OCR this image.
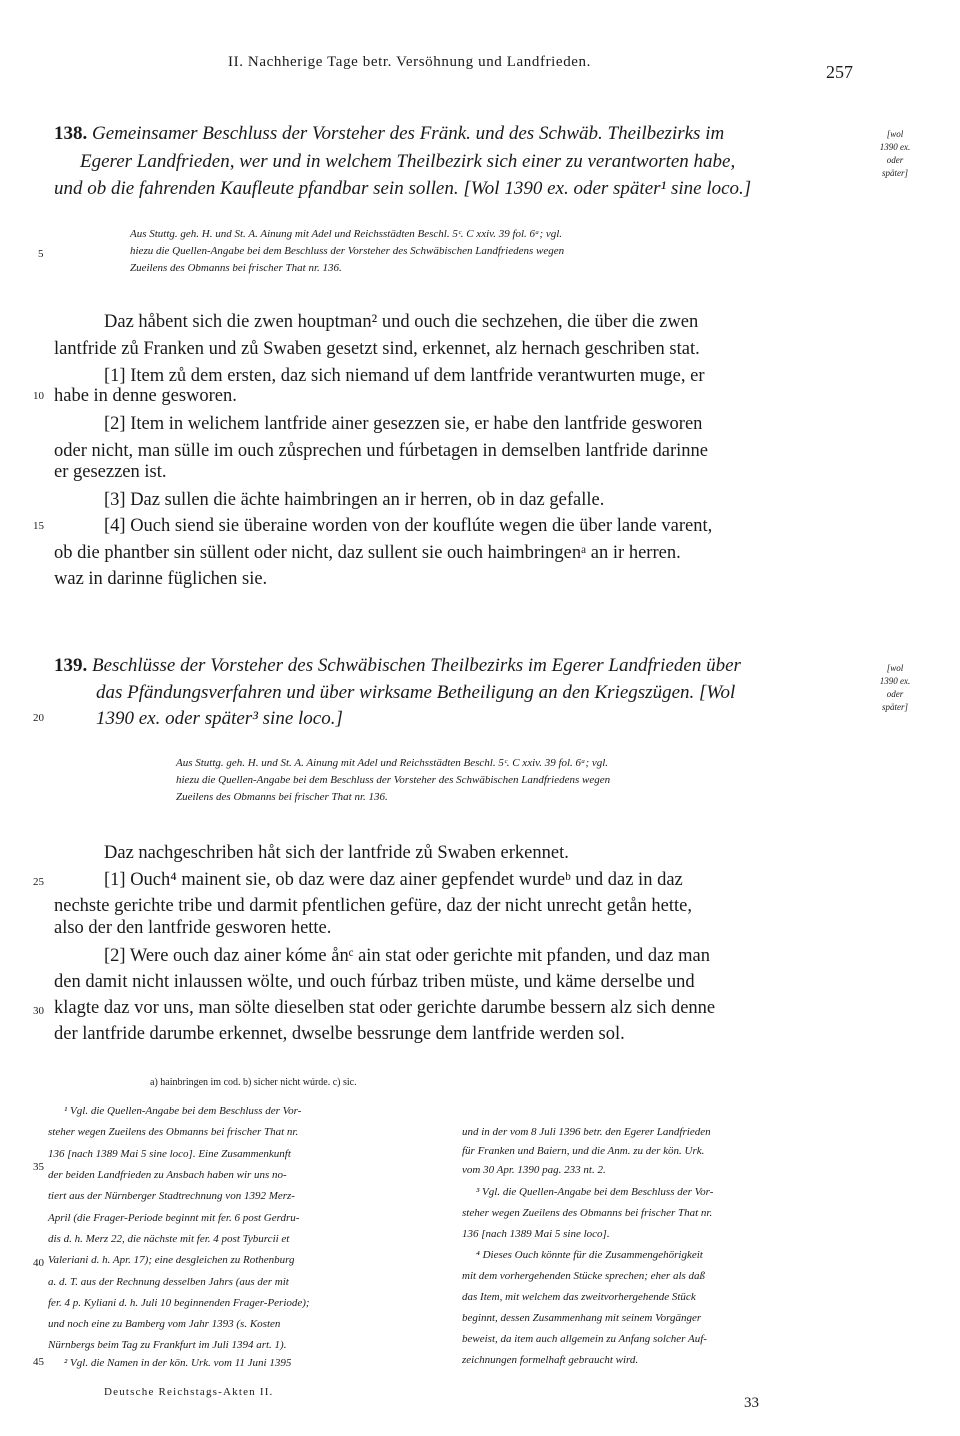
II. Nachherige Tage betr. Versöhnung und Landfrieden.	257
5
10
15
20
25
30
35
40
45
138. Gemeinsamer Beschluss der Vorsteher des Fränk. und des Schwäb. Theilbezirks im
Egerer Landfrieden, wer und in welchem Theilbezirk sich einer zu verantworten habe,
und ob die fahrenden Kaufleute pfandbar sein sollen. [Wol 1390 ex. oder später¹ sine loco.]
[wol
1390 ex.
oder
später]
Aus Stuttg. geh. H. und St. A. Ainung mit Adel und Reichsstädten Beschl. 5ᶜ. C xxiv. 39 fol. 6ᵃ; vgl.
hiezu die Quellen-Angabe bei dem Beschluss der Vorsteher des Schwäbischen Landfriedens wegen
Zueilens des Obmanns bei frischer That nr. 136.
Daz håbent sich die zwen houptman² und ouch die sechzehen, die über die zwen
lantfride zů Franken und zů Swaben gesetzt sind, erkennet, alz hernach geschriben stat.
[1] Item zů dem ersten, daz sich niemand uf dem lantfride verantwurten muge, er
habe in denne gesworen.
[2] Item in welichem lantfride ainer gesezzen sie, er habe den lantfride gesworen
oder nicht, man sülle im ouch zůsprechen und fúrbetagen in demselben lantfride darinne
er gesezzen ist.
[3] Daz sullen die ächte haimbringen an ir herren, ob in daz gefalle.
[4] Ouch siend sie überaine worden von der kouflúte wegen die über lande varent,
ob die phantber sin süllent oder nicht, daz sullent sie ouch haimbringenᵃ an ir herren.
waz in darinne füglichen sie.
139. Beschlüsse der Vorsteher des Schwäbischen Theilbezirks im Egerer Landfrieden über
das Pfändungsverfahren und über wirksame Betheiligung an den Kriegszügen. [Wol
1390 ex. oder später³ sine loco.]
[wol
1390 ex.
oder
später]
Aus Stuttg. geh. H. und St. A. Ainung mit Adel und Reichsstädten Beschl. 5ᶜ. C xxiv. 39 fol. 6ᵃ; vgl.
hiezu die Quellen-Angabe bei dem Beschluss der Vorsteher des Schwäbischen Landfriedens wegen
Zueilens des Obmanns bei frischer That nr. 136.
Daz nachgeschriben håt sich der lantfride zů Swaben erkennet.
[1] Ouch⁴ mainent sie, ob daz were daz ainer gepfendet wurdeᵇ und daz in daz
nechste gerichte tribe und darmit pfentlichen gefüre, daz der nicht unrecht getån hette,
also der den lantfride gesworen hette.
[2] Were ouch daz ainer kóme ånᶜ ain stat oder gerichte mit pfanden, und daz man
den damit nicht inlaussen wölte, und ouch fúrbaz triben müste, und käme derselbe und
klagte daz vor uns, man sölte dieselben stat oder gerichte darumbe bessern alz sich denne
der lantfride darumbe erkennet, dwselbe bessrunge dem lantfride werden sol.
a) hainbringen im cod. b) sicher nicht wúrde. c) sic.
¹ Vgl. die Quellen-Angabe bei dem Beschluss der Vor-
steher wegen Zueilens des Obmanns bei frischer That nr.
136 [nach 1389 Mai 5 sine loco]. Eine Zusammenkunft
der beiden Landfrieden zu Ansbach haben wir uns no-
tiert aus der Nürnberger Stadtrechnung von 1392 Merz-
April (die Frager-Periode beginnt mit fer. 6 post Gerdru-
dis d. h. Merz 22, die nächste mit fer. 4 post Tyburcii et
Valeriani d. h. Apr. 17); eine desgleichen zu Rothenburg
a. d. T. aus der Rechnung desselben Jahrs (aus der mit
fer. 4 p. Kyliani d. h. Juli 10 beginnenden Frager-Periode);
und noch eine zu Bamberg vom Jahr 1393 (s. Kosten
Nürnbergs beim Tag zu Frankfurt im Juli 1394 art. 1).
² Vgl. die Namen in der kön. Urk. vom 11 Juni 1395
und in der vom 8 Juli 1396 betr. den Egerer Landfrieden
für Franken und Baiern, und die Anm. zu der kön. Urk.
vom 30 Apr. 1390 pag. 233 nt. 2.
³ Vgl. die Quellen-Angabe bei dem Beschluss der Vor-
steher wegen Zueilens des Obmanns bei frischer That nr.
136 [nach 1389 Mai 5 sine loco].
⁴ Dieses Ouch könnte für die Zusammengehörigkeit
mit dem vorhergehenden Stücke sprechen; eher als daß
das Item, mit welchem das zweitvorhergehende Stück
beginnt, dessen Zusammenhang mit seinem Vorgänger
beweist, da item auch allgemein zu Anfang solcher Auf-
zeichnungen formelhaft gebraucht wird.
Deutsche Reichstags-Akten II.
33
